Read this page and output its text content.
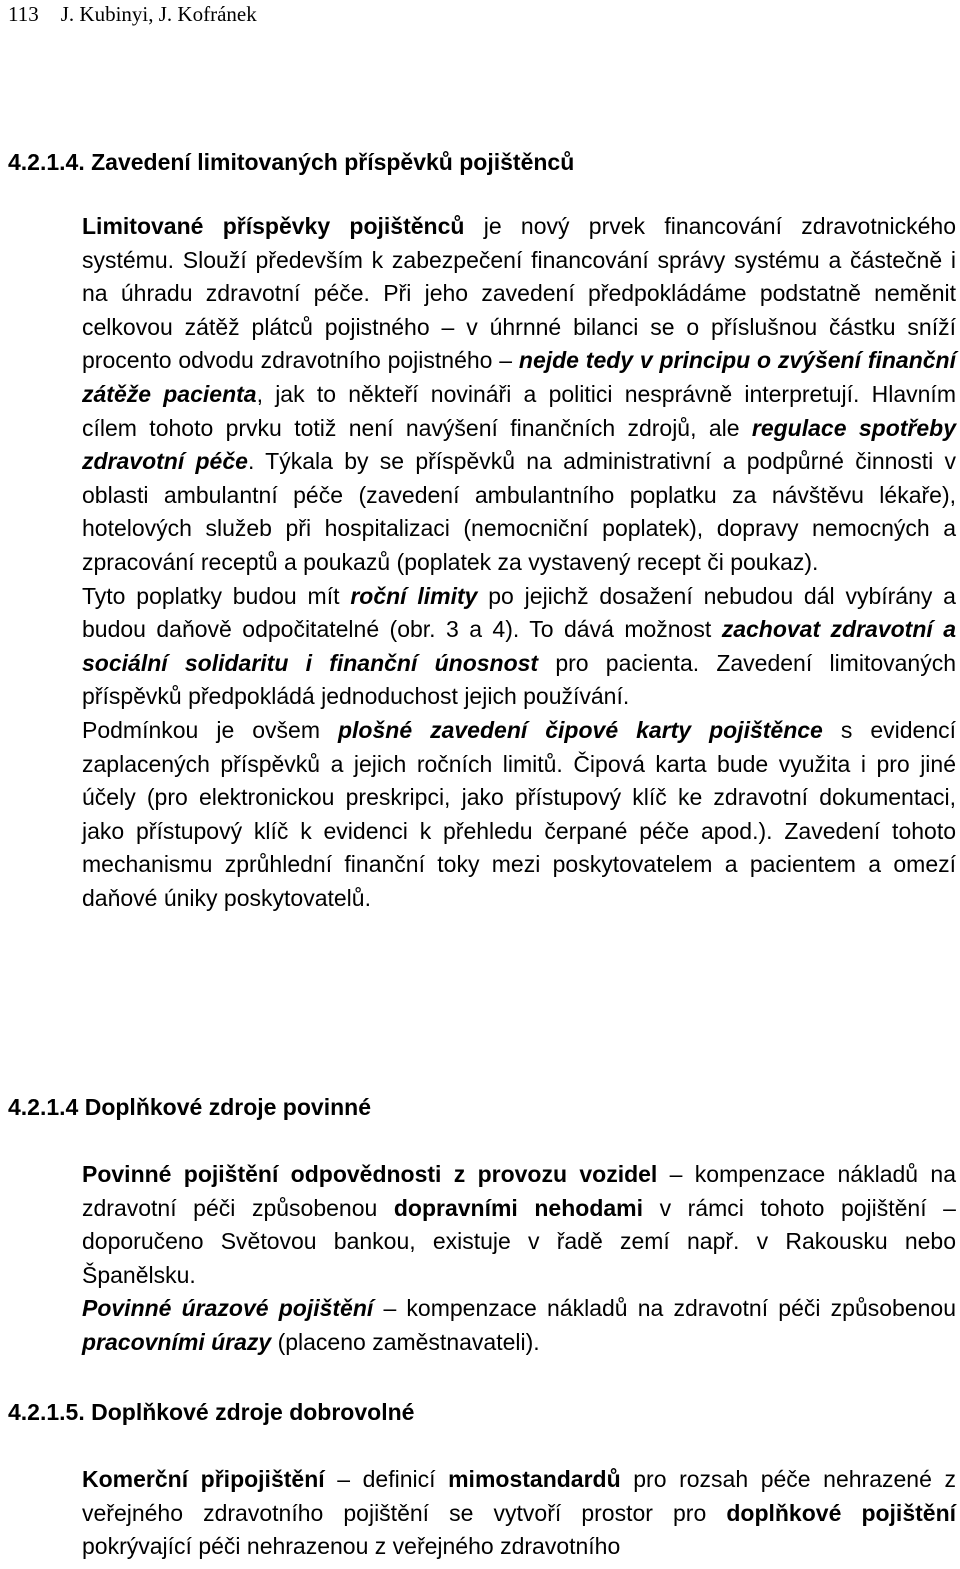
113 J. Kubinyi, J. Kofránek
4.2.1.4. Zavedení limitovaných příspěvků pojištěnců

Limitované příspěvky pojištěnců je nový prvek financování zdravotnického systému. Slouží především k zabezpečení financování správy systému a částečně i na úhradu zdravotní péče. Při jeho zavedení předpokládáme podstatně neměnit celkovou zátěž plátců pojistného – v úhrnné bilanci se o příslušnou částku sníží procento odvodu zdravotního pojistného – nejde tedy v principu o zvýšení finanční zátěže pacienta, jak to někteří novináři a politici nesprávně interpretují. Hlavním cílem tohoto prvku totiž není navýšení finančních zdrojů, ale regulace spotřeby zdravotní péče. Týkala by se příspěvků na administrativní a podpůrné činnosti v oblasti ambulantní péče (zavedení ambulantního poplatku za návštěvu lékaře), hotelových služeb při hospitalizaci (nemocniční poplatek), dopravy nemocných a zpracování receptů a poukazů (poplatek za vystavený recept či poukaz).

Tyto poplatky budou mít roční limity po jejichž dosažení nebudou dál vybírány a budou daňově odpočitatelné (obr. 3 a 4). To dává možnost zachovat zdravotní a sociální solidaritu i finanční únosnost pro pacienta. Zavedení limitovaných příspěvků předpokládá jednoduchost jejich používání.

Podmínkou je ovšem plošné zavedení čipové karty pojištěnce s evidencí zaplacených příspěvků a jejich ročních limitů. Čipová karta bude využita i pro jiné účely (pro elektronickou preskripci, jako přístupový klíč ke zdravotní dokumentaci, jako přístupový klíč k evidenci k přehledu čerpané péče apod.). Zavedení tohoto mechanismu zprůhlední finanční toky mezi poskytovatelem a pacientem a omezí daňové úniky poskytovatelů.

4.2.1.4 Doplňkové zdroje povinné

Povinné pojištění odpovědnosti z provozu vozidel – kompenzace nákladů na zdravotní péči způsobenou dopravními nehodami v rámci tohoto pojištění – doporučeno Světovou bankou, existuje v řadě zemí např. v Rakousku nebo Španělsku.

Povinné úrazové pojištění – kompenzace nákladů na zdravotní péči způsobenou pracovními úrazy (placeno zaměstnavateli).

4.2.1.5. Doplňkové zdroje dobrovolné

Komerční připojištění – definicí mimostandardů pro rozsah péče nehrazené z veřejného zdravotního pojištění se vytvoří prostor pro doplňkové pojištění pokrývající péči nehrazenou z veřejného zdravotního
